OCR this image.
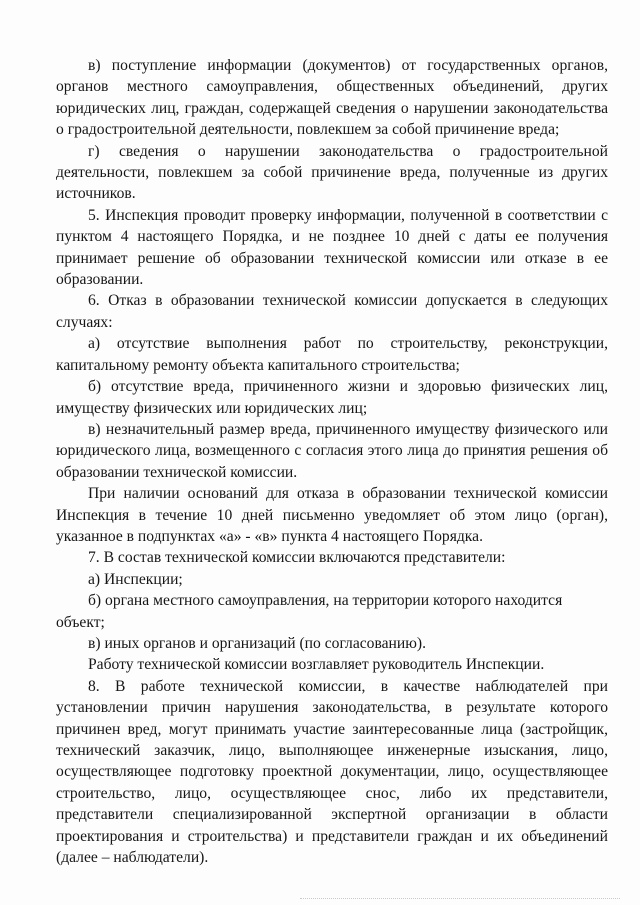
в) поступление информации (документов) от государственных органов, органов местного самоуправления, общественных объединений, других юридических лиц, граждан, содержащей сведения о нарушении законодательства о градостроительной деятельности, повлекшем за собой причинение вреда;

г) сведения о нарушении законодательства о градостроительной деятельности, повлекшем за собой причинение вреда, полученные из других источников.

5. Инспекция проводит проверку информации, полученной в соответствии с пунктом 4 настоящего Порядка, и не позднее 10 дней с даты ее получения принимает решение об образовании технической комиссии или отказе в ее образовании.

6. Отказ в образовании технической комиссии допускается в следующих случаях:

а) отсутствие выполнения работ по строительству, реконструкции, капитальному ремонту объекта капитального строительства;

б) отсутствие вреда, причиненного жизни и здоровью физических лиц, имуществу физических или юридических лиц;

в) незначительный размер вреда, причиненного имуществу физического или юридического лица, возмещенного с согласия этого лица до принятия решения об образовании технической комиссии.

При наличии оснований для отказа в образовании технической комиссии Инспекция в течение 10 дней письменно уведомляет об этом лицо (орган), указанное в подпунктах «а» - «в» пункта 4 настоящего Порядка.

7. В состав технической комиссии включаются представители:

а) Инспекции;

б) органа местного самоуправления, на территории которого находится объект;

в) иных органов и организаций (по согласованию).

Работу технической комиссии возглавляет руководитель Инспекции.

8. В работе технической комиссии, в качестве наблюдателей при установлении причин нарушения законодательства, в результате которого причинен вред, могут принимать участие заинтересованные лица (застройщик, технический заказчик, лицо, выполняющее инженерные изыскания, лицо, осуществляющее подготовку проектной документации, лицо, осуществляющее строительство, лицо, осуществляющее снос, либо их представители, представители специализированной экспертной организации в области проектирования и строительства) и представители граждан и их объединений (далее – наблюдатели).
